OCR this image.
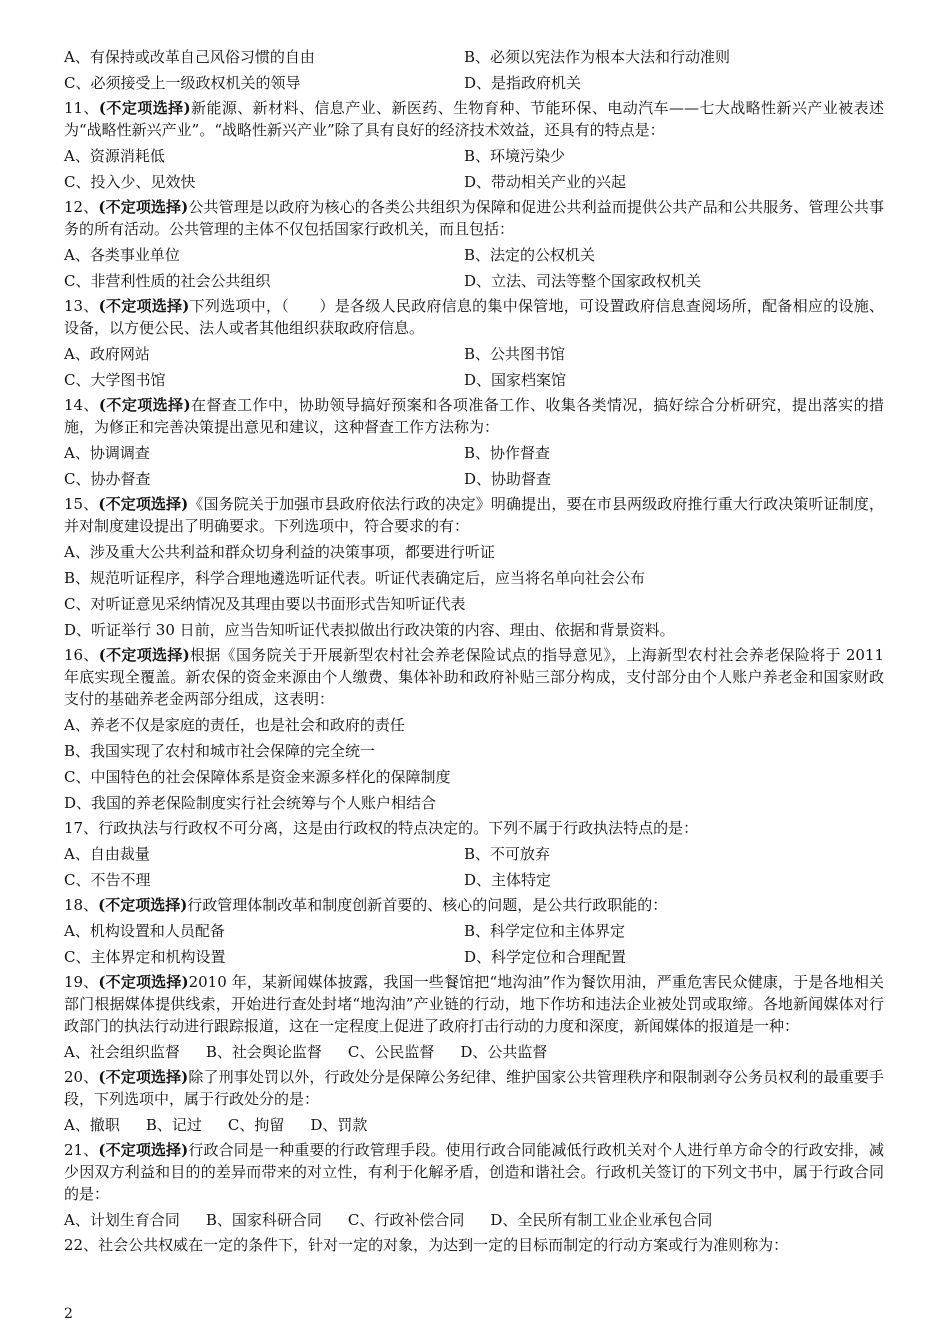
A、有保持或改革自己风俗习惯的自由	B、必须以宪法作为根本大法和行动准则
C、必须接受上一级政权机关的领导	D、是指政府机关
11、(不定项选择)新能源、新材料、信息产业、新医药、生物育种、节能环保、电动汽车——七大战略性新兴产业被表述为“战略性新兴产业”。“战略性新兴产业”除了具有良好的经济技术效益，还具有的特点是：
A、资源消耗低	B、环境污染少
C、投入少、见效快	D、带动相关产业的兴起
12、(不定项选择)公共管理是以政府为核心的各类公共组织为保障和促进公共利益而提供公共产品和公共服务、管理公共事务的所有活动。公共管理的主体不仅包括国家行政机关，而且包括：
A、各类事业单位	B、法定的公权机关
C、非营利性质的社会公共组织	D、立法、司法等整个国家政权机关
13、(不定项选择)下列选项中，（　　）是各级人民政府信息的集中保管地，可设置政府信息查阅场所，配备相应的设施、设备，以方便公民、法人或者其他组织获取政府信息。
A、政府网站	B、公共图书馆
C、大学图书馆	D、国家档案馆
14、(不定项选择)在督查工作中，协助领导搞好预案和各项准备工作、收集各类情况，搞好综合分析研究，提出落实的措施，为修正和完善决策提出意见和建议，这种督查工作方法称为：
A、协调调查	B、协作督查
C、协办督查	D、协助督查
15、(不定项选择)《国务院关于加强市县政府依法行政的决定》明确提出，要在市县两级政府推行重大行政决策听证制度，并对制度建设提出了明确要求。下列选项中，符合要求的有：
A、涉及重大公共利益和群众切身利益的决策事项，都要进行听证
B、规范听证程序，科学合理地遴选听证代表。听证代表确定后，应当将名单向社会公布
C、对听证意见采纳情况及其理由要以书面形式告知听证代表
D、听证举行 30 日前，应当告知听证代表拟做出行政决策的内容、理由、依据和背景资料。
16、(不定项选择)根据《国务院关于开展新型农村社会养老保险试点的指导意见》，上海新型农村社会养老保险将于 2011 年底实现全覆盖。新农保的资金来源由个人缴费、集体补助和政府补贴三部分构成，支付部分由个人账户养老金和国家财政支付的基础养老金两部分组成，这表明：
A、养老不仅是家庭的责任，也是社会和政府的责任
B、我国实现了农村和城市社会保障的完全统一
C、中国特色的社会保障体系是资金来源多样化的保障制度
D、我国的养老保险制度实行社会统筹与个人账户相结合
17、行政执法与行政权不可分离，这是由行政权的特点决定的。下列不属于行政执法特点的是：
A、自由裁量	B、不可放弃
C、不告不理	D、主体特定
18、(不定项选择)行政管理体制改革和制度创新首要的、核心的问题，是公共行政职能的：
A、机构设置和人员配备	B、科学定位和主体界定
C、主体界定和机构设置	D、科学定位和合理配置
19、(不定项选择)2010 年，某新闻媒体披露，我国一些餐馆把“地沟油”作为餐饮用油，严重危害民众健康，于是各地相关部门根据媒体提供线索，开始进行查处封堵“地沟油”产业链的行动，地下作坊和违法企业被处罚或取缔。各地新闻媒体对行政部门的执法行动进行跟踪报道，这在一定程度上促进了政府打击行动的力度和深度，新闻媒体的报道是一种：
A、社会组织监督 B、社会舆论监督 C、公民监督 D、公共监督
20、(不定项选择)除了刑事处罚以外，行政处分是保障公务纪律、维护国家公共管理秩序和限制剥夺公务员权利的最重要手段，下列选项中，属于行政处分的是：
A、撤职 B、记过 C、拘留 D、罚款
21、(不定项选择)行政合同是一种重要的行政管理手段。使用行政合同能减低行政机关对个人进行单方命令的行政安排，减少因双方利益和目的的差异而带来的对立性，有利于化解矛盾，创造和谐社会。行政机关签订的下列文书中，属于行政合同的是：
A、计划生育合同 B、国家科研合同 C、行政补偿合同 D、全民所有制工业企业承包合同
22、社会公共权威在一定的条件下，针对一定的对象，为达到一定的目标而制定的行动方案或行为准则称为：
2
